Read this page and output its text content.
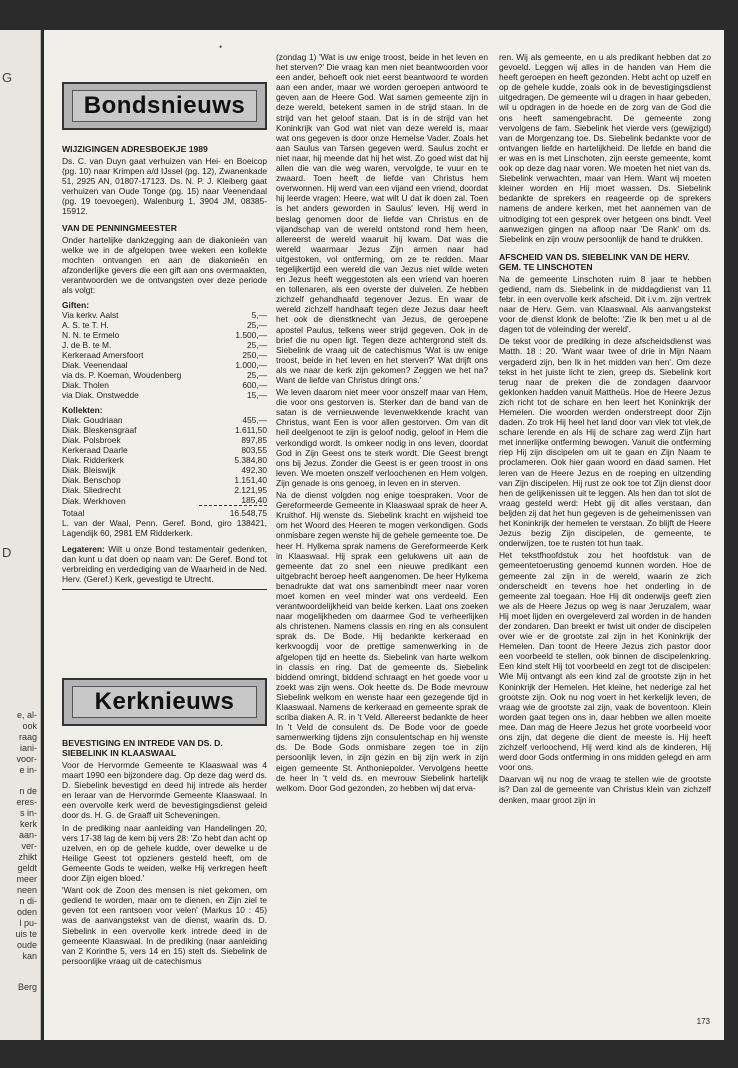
G
D
e, al-
ook
raag
iani-
voor-
e in-
n de
eres-
s in-
kerk
aan-
ver-
zhikt
geldt
meer
neen
n di-
oden
l pu-
uis te
oude
kan
Berg
•
Bondsnieuws
WIJZIGINGEN ADRESBOEKJE 1989

Ds. C. van Duyn gaat verhuizen van Hei- en Boeicop (pg. 10) naar Krimpen a/d IJssel (pg. 12), Zwanenkade 51, 2925 AN, 01807-17123. Ds. N. P. J. Kleiberg gaat verhuizen van Oude Tonge (pg. 15) naar Veenendaal (pg. 19 toevoegen), Walenburg 1, 3904 JM, 08385-15912.

VAN DE PENNINGMEESTER

Onder hartelijke dankzegging aan de diakonieën van welke we in de afgelopen twee weken een kollekte mochten ontvangen en aan de diakonieën en afzonderlijke gevers die een gift aan ons overmaakten, verantwoorden we de ontvangsten over deze periode als volgt:

Giften:
Via kerkv. Aalst	5,—
A. S. te T. H.	25,—
N. N. te Ermelo	1.500,—
J. de B. te M.	25,—
Kerkeraad Amersfoort	250,—
Diak. Veenendaal	1.000,—
via ds. P. Koeman, Woudenberg	25,—
Diak. Tholen	600,—
via Diak. Onstwedde	15,—
Kollekten:
Diak. Goudriaan	455,—
Diak. Bleskensgraaf	1.611,50
Diak. Polsbroek	897,85
Kerkeraad Daarle	803,55
Diak. Ridderkerk	5.384,80
Diak. Bleiswijk	492,30
Diak. Benschop	1.151,40
Diak. Sliedrecht	2.121,95
Diak. Werkhoven	185,40
Totaal	16.548,75

L. van der Waal, Penn. Geref. Bond, giro 138421, Lagendijk 60, 2981 EM Ridderkerk.

Legateren: Wilt u onze Bond testamentair gedenken, dan kunt u dat doen op naam van: De Geref. Bond tot verbreiding en verdediging van de Waarheid in de Ned. Herv. (Geref.) Kerk, gevestigd te Utrecht.

Kerknieuws
BEVESTIGING EN INTREDE VAN DS. D. SIEBELINK IN KLAASWAAL

Voor de Hervormde Gemeente te Klaaswaal was 4 maart 1990 een bijzondere dag. Op deze dag werd ds. D. Siebelink bevestigd en deed hij intrede als herder en leraar van de Hervormde Gemeente Klaaswaal. In een overvolle kerk werd de bevestigingsdienst geleid door ds. H. G. de Graaff uit Scheveningen.

In de prediking naar aanleiding van Handelingen 20, vers 17-38 lag de kern bij vers 28: 'Zo hebt dan acht op uzelven, en op de gehele kudde, over dewelke u de Heilige Geest tot opzieners gesteld heeft, om de Gemeente Gods te weiden, welke Hij verkregen heeft door Zijn eigen bloed.'

'Want ook de Zoon des mensen is niet gekomen, om gediend te worden, maar om te dienen, en Zijn ziel te geven tot een rantsoen voor velen' (Markus 10 : 45) was de aanvangstekst van de dienst, waarin ds. D. Siebelink in een overvolle kerk intrede deed in de gemeente Klaaswaal. In de prediking (naar aanleiding van 2 Korinthe 5, vers 14 en 15) stelt ds. Siebelink de persoonlijke vraag uit de catechismus

(zondag 1) 'Wat is uw enige troost, beide in het leven en het sterven?' Die vraag kan men niet beantwoorden voor een ander, behoeft ook niet eerst beantwoord te worden aan een ander, maar we worden geroepen antwoord te geven aan de Heere God. Wat samen gemeente zijn in deze wereld, betekent samen in de strijd staan. In de strijd van het geloof staan. Dat is in de strijd van het Koninkrijk van God wat niet van deze wereld is, maar wat ons gegeven is door onze Hemelse Vader. Zoals het aan Saulus van Tarsen gegeven werd. Saulus zocht er niet naar, hij meende dat hij het wist. Zo goed wist dat hij allen die van die weg waren, vervolgde, te vuur en te zwaard. Toen heeft de liefde van Christus hem overwonnen. Hij werd van een vijand een vriend, doordat hij leerde vragen: Heere, wat wilt U dat ik doen zal. Toen is het anders geworden in Saulus' leven. Hij werd in beslag genomen door de liefde van Christus en de vijandschap van de wereld ontstond rond hem heen, allereerst de wereld waaruit hij kwam. Dat was die wereld waarmaar Jezus Zijn armen naar had uitgestoken, vol ontferming, om ze te redden. Maar tegelijkertijd een wereld die van Jezus niet wilde weten en Jezus heeft weggestoten als een vriend van hoeren en tollenaren, als een overste der duivelen. Ze hebben zichzelf gehandhaafd tegenover Jezus. En waar de wereld zichzelf handhaaft tegen deze Jezus daar heeft het ook de dienstknecht van Jezus, de geroepene apostel Paulus, telkens weer strijd gegeven. Ook in de brief die nu open ligt. Tegen deze achtergrond stelt ds. Siebelink de vraag uit de catechismus 'Wat is uw enige troost, beide in het leven en het sterven?' Wat drijft ons als we naar de kerk zijn gekomen? Zeggen we het na? Want de liefde van Christus dringt ons.'

We leven daarom niet meer voor onszelf maar van Hem, die voor ons gestorven is. Sterker dan de band van de satan is de vernieuwende levenwekkende kracht van Christus, want Een is voor allen gestorven. Om van dit heil deelgenoot te zijn is geloof nodig, geloof in Hem die verkondigd wordt. Is omkeer nodig in ons leven, doordat God in Zijn Geest ons te sterk wordt. Die Geest brengt ons bij Jezus. Zonder die Geest is er geen troost in ons leven. We moeten onszelf verloochenen en Hem volgen. Zijn genade is ons genoeg, in leven en in sterven.

Na de dienst volgden nog enige toespraken. Voor de Gereformeerde Gemeente in Klaaswaal sprak de heer A. Kruithof. Hij wenste ds. Siebelink kracht en wijsheid toe om het Woord des Heeren te mogen verkondigen. Gods onmisbare zegen wenste hij de gehele gemeente toe. De heer H. Hylkema sprak namens de Gereformeerde Kerk in Klaaswaal. Hij sprak een gelukwens uit aan de gemeente dat zo snel een nieuwe predikant een uitgebracht beroep heeft aangenomen. De heer Hylkema benadrukte dat wat ons samenbindt meer naar voren moet komen en veel minder wat ons verdeeld. Een verantwoordelijkheid van beide kerken. Laat ons zoeken naar mogelijkheden om daarmee God te verheerlijken als christenen. Namens classis en ring en als consulent sprak ds. De Bode. Hij bedankte kerkeraad en kerkvoogdij voor de prettige samenwerking in de afgelopen tijd en heette ds. Siebelink van harte welkom in classis en ring. Dat de gemeente ds. Siebelink biddend omringt, biddend schraagt en het goede voor u zoekt was zijn wens. Ook heette ds. De Bode mevrouw Siebelink welkom en wenste haar een gezegende tijd in Klaaswaal. Namens de kerkeraad en gemeente sprak de scriba diaken A. R. in 't Veld. Allereerst bedankte de heer In 't Veld de consulent ds. De Bode voor de goede samenwerking tijdens zijn consulentschap en hij wenste ds. De Bode Gods onmisbare zegen toe in zijn persoonlijk leven, in zijn gezin en bij zijn werk in zijn eigen gemeente St. Anthoniepolder. Vervolgens heette de heer In 't veld ds. en mevrouw Siebelink hartelijk welkom. Door God gezonden, zo hebben wij dat erva-

ren. Wij als gemeente, en u als predikant hebben dat zo gevoeld. Leggen wij alles in de handen van Hem die heeft geroepen en heeft gezonden. Hebt acht op uzelf en op de gehele kudde, zoals ook in de bevestigingsdienst uitgedragen. De gemeente wil u dragen in haar gebeden, wil u opdragen in de hoede en de zorg van de God die ons heeft samengebracht. De gemeente zong vervolgens de fam. Siebelink het vierde vers (gewijzigd) van de Morgenzang toe. Ds. Siebelink bedankte voor de ontvangen liefde en hartelijkheid. De liefde en band die er was en is met Linschoten, zijn eerste gemeente, komt ook op deze dag naar voren. We moeten het niet van ds. Siebelink verwachten, maar van Hem. Want wij moeten kleiner worden en Hij moet wassen. Ds. Siebelink bedankte de sprekers en reageerde op de sprekers namens de andere kerken, met het aannemen van de uitnodiging tot een gesprek over hetgeen ons bindt. Veel aanwezigen gingen na afloop naar 'De Rank' om ds. Siebelink en zijn vrouw persoonlijk de hand te drukken.

AFSCHEID VAN DS. SIEBELINK VAN DE HERV. GEM. TE LINSCHOTEN

Na de gemeente Linschoten ruim 8 jaar te hebben gediend, nam ds. Siebelink in de middagdienst van 11 febr. in een overvolle kerk afscheid. Dit i.v.m. zijn vertrek naar de Herv. Gem. van Klaaswaal. Als aanvangstekst voor de dienst klonk de belofte: 'Zie Ik ben met u al de dagen tot de voleinding der wereld'.

De tekst voor de prediking in deze afscheidsdienst was Matth. 18 : 20. 'Want waar twee of drie in Mijn Naam vergaderd zijn, ben Ik in het midden van hen'. Om deze tekst in het juiste licht te zien, greep ds. Siebelink kort terug naar de preken die de zondagen daarvoor geklonken hadden vanuit Mattheüs. Hoe de Heere Jezus zich richt tot de schare en hen leert het Koninkrijk der Hemelen. Die woorden werden onderstreept door Zijn daden. Zo trok Hij heel het land door van vlek tot vlek,de schare lerende en als Hij de schare zag werd Zijn hart met innerlijke ontferming bewogen. Vanuit die ontferming riep Hij zijn discipelen om uit te gaan en Zijn Naam te proclameren. Ook hier gaan woord en daad samen. Het leren van de Heere Jezus en de roeping en uitzending van Zijn discipelen. Hij rust ze ook toe tot Zijn dienst door hen de gelijkenissen uit te leggen. Als hen dan tot slot de vraag gesteld werd: Hebt gij dit alles verstaan, dan beljden zij dat het hun gegeven is de geheimenissen van het Koninkrijk der hemelen te verstaan. Zo blijft de Heere Jezus bezig Zijn discipelen, de gemeente, te onderwijzen, toe te rusten tot hun taak.

Het tekstfhoofdstuk zou het hoofdstuk van de gemeentetoerusting genoemd kunnen worden. Hoe de gemeente zal zijn in de wereld, waarin ze zich onderscheidt en tevens hoe het onderling in de gemeente zal toegaan. Hoe Hij dit onderwijs geeft zien we als de Heere Jezus op weg is naar Jeruzalem, waar Hij moet lijden en overgeleverd zal worden in de handen der zondaren. Dan breekt er twist uit onder de discipelen over wie er de grootste zal zijn in het Koninkrijk der Hemelen. Dan toont de Heere Jezus zich pastor door een voorbeeld te stellen, ook binnen de discipelenkring. Een kind stelt Hij tot voorbeeld en zegt tot de discipelen: Wie Mij ontvangt als een kind zal de grootste zijn in het Koninkrijk der Hemelen. Het kleine, het nederige zal het grootste zijn. Ook nu nog voert in het kerkelijk leven, de vraag wie de grootste zal zijn, vaak de boventoon. Klein worden gaat tegen ons in, daar hebben we allen moeite mee. Dan mag de Heere Jezus het grote voorbeeld voor ons zijn, dat degene die dient de meeste is. Hij heeft zichzelf verloochend, Hij werd kind als de kinderen, Hij werd door Gods ontferming in ons midden gelegd en arm voor ons.

Daarvan wij nu nog de vraag te stellen wie de grootste is? Dan zal de gemeente van Christus klein van zichzelf denken, maar groot zijn in

173
